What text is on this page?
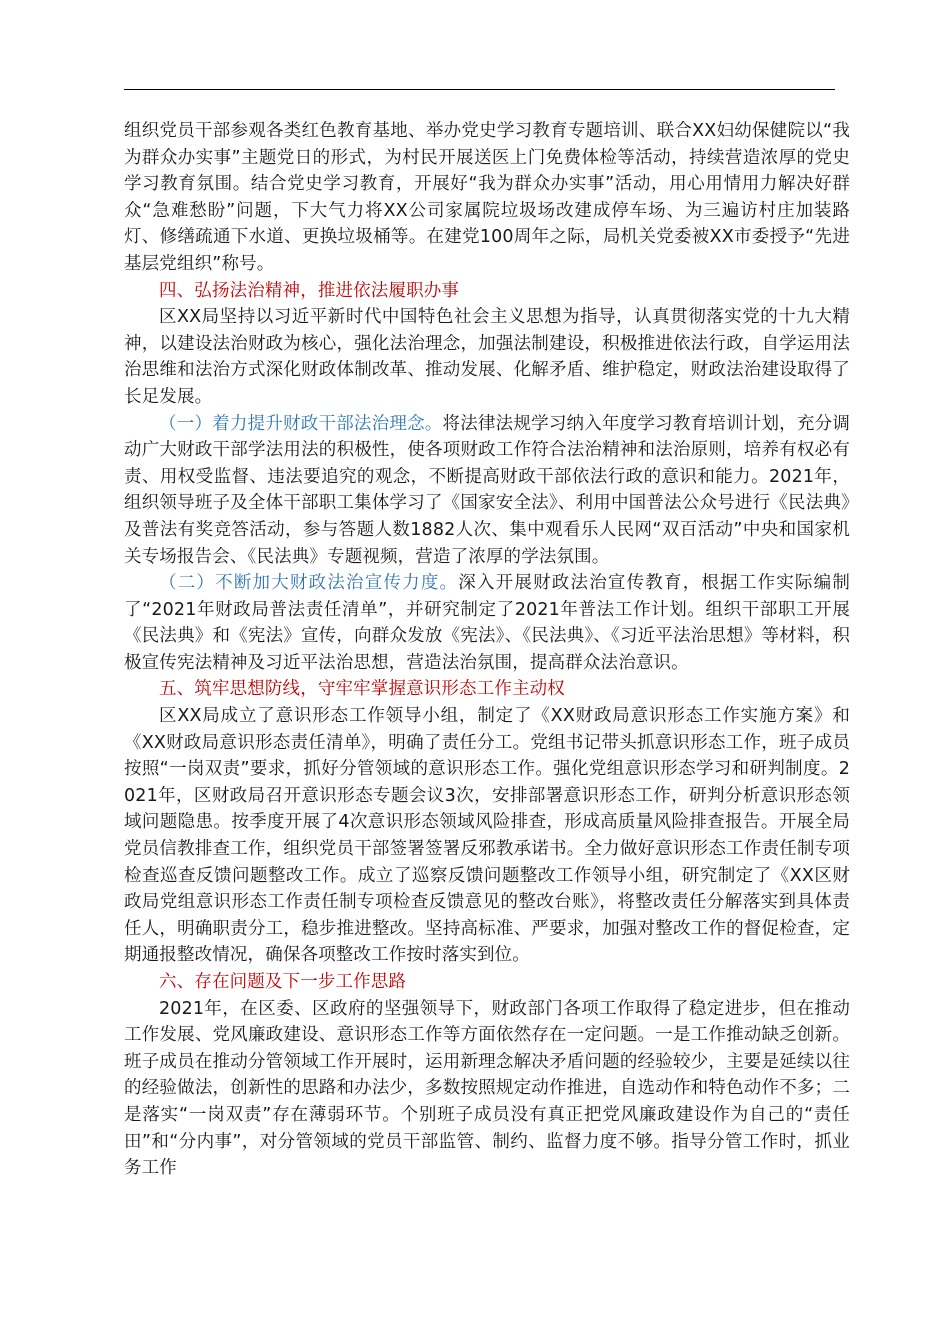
组织党员干部参观各类红色教育基地、举办党史学习教育专题培训、联合XX妇幼保健院以“我为群众办实事”主题党日的形式，为村民开展送医上门免费体检等活动，持续营造浓厚的党史学习教育氛围。结合党史学习教育，开展好“我为群众办实事”活动，用心用情用力解决好群众“急难愁盼”问题，下大气力将XX公司家属院垃圾场改建成停车场、为三遍访村庄加装路灯、修缮疏通下水道、更换垃圾桶等。在建党100周年之际，局机关党委被XX市委授予“先进基层党组织”称号。

四、弘扬法治精神，推进依法履职办事

区XX局坚持以习近平新时代中国特色社会主义思想为指导，认真贯彻落实党的十九大精神，以建设法治财政为核心，强化法治理念，加强法制建设，积极推进依法行政，自学运用法治思维和法治方式深化财政体制改革、推动发展、化解矛盾、维护稳定，财政法治建设取得了长足发展。

（一）着力提升财政干部法治理念。将法律法规学习纳入年度学习教育培训计划，充分调动广大财政干部学法用法的积极性，使各项财政工作符合法治精神和法治原则，培养有权必有责、用权受监督、违法要追究的观念，不断提高财政干部依法行政的意识和能力。2021年，组织领导班子及全体干部职工集体学习了《国家安全法》、利用中国普法公众号进行《民法典》及普法有奖竞答活动，参与答题人数1882人次、集中观看乐人民网“双百活动”中央和国家机关专场报告会、《民法典》专题视频，营造了浓厚的学法氛围。

（二）不断加大财政法治宣传力度。深入开展财政法治宣传教育，根据工作实际编制了“2021年财政局普法责任清单”，并研究制定了2021年普法工作计划。组织干部职工开展《民法典》和《宪法》宣传，向群众发放《宪法》、《民法典》、《习近平法治思想》等材料，积极宣传宪法精神及习近平法治思想，营造法治氛围，提高群众法治意识。

五、筑牢思想防线，守牢牢掌握意识形态工作主动权

区XX局成立了意识形态工作领导小组，制定了《XX财政局意识形态工作实施方案》和《XX财政局意识形态责任清单》，明确了责任分工。党组书记带头抓意识形态工作，班子成员按照“一岗双责”要求，抓好分管领域的意识形态工作。强化党组意识形态学习和研判制度。2021年，区财政局召开意识形态专题会议3次，安排部署意识形态工作，研判分析意识形态领域问题隐患。按季度开展了4次意识形态领域风险排查，形成高质量风险排查报告。开展全局党员信教排查工作，组织党员干部签署签署反邪教承诺书。全力做好意识形态工作责任制专项检查巡查反馈问题整改工作。成立了巡察反馈问题整改工作领导小组，研究制定了《XX区财政局党组意识形态工作责任制专项检查反馈意见的整改台账》，将整改责任分解落实到具体责任人，明确职责分工，稳步推进整改。坚持高标准、严要求，加强对整改工作的督促检查，定期通报整改情况，确保各项整改工作按时落实到位。

六、存在问题及下一步工作思路

2021年，在区委、区政府的坚强领导下，财政部门各项工作取得了稳定进步，但在推动工作发展、党风廉政建设、意识形态工作等方面依然存在一定问题。一是工作推动缺乏创新。班子成员在推动分管领域工作开展时，运用新理念解决矛盾问题的经验较少，主要是延续以往的经验做法，创新性的思路和办法少，多数按照规定动作推进，自选动作和特色动作不多；二是落实“一岗双责”存在薄弱环节。个别班子成员没有真正把党风廉政建设作为自己的“责任田”和“分内事”，对分管领域的党员干部监管、制约、监督力度不够。指导分管工作时，抓业务工作
